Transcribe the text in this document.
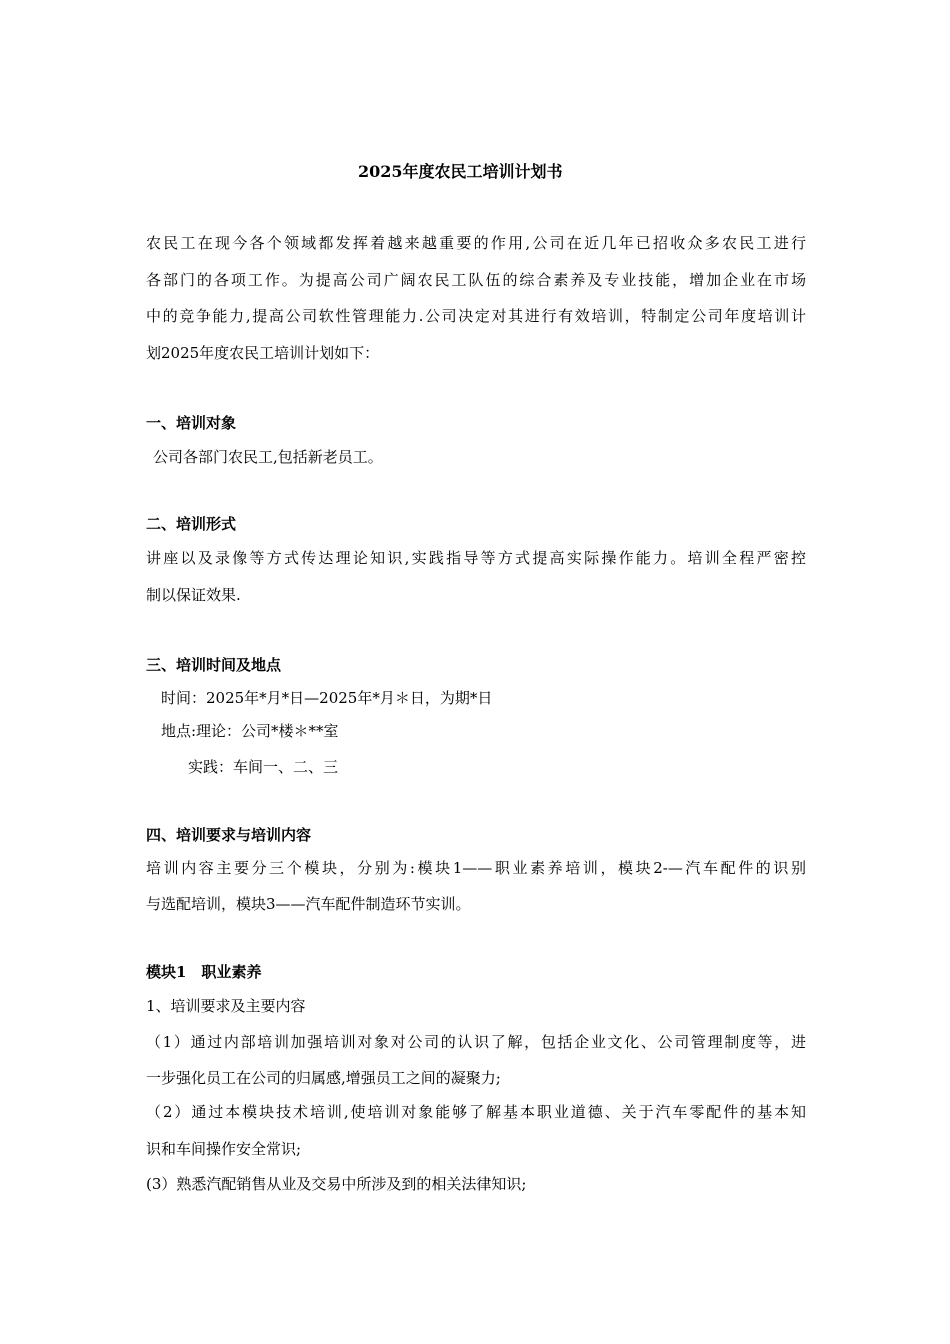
2025年度农民工培训计划书
农民工在现今各个领域都发挥着越来越重要的作用,公司在近几年已招收众多农民工进行
各部门的各项工作。为提高公司广阔农民工队伍的综合素养及专业技能，增加企业在市场
中的竞争能力,提高公司软性管理能力.公司决定对其进行有效培训，特制定公司年度培训计
划2025年度农民工培训计划如下：
一、培训对象
公司各部门农民工,包括新老员工。
二、培训形式
讲座以及录像等方式传达理论知识,实践指导等方式提高实际操作能力。培训全程严密控
制以保证效果.
三、培训时间及地点
时间：2025年*月*日—2025年*月＊日，为期*日
地点:理论：公司*楼＊**室
实践：车间一、二、三
四、培训要求与培训内容
培训内容主要分三个模块，分别为:模块1——职业素养培训，模块2-—汽车配件的识别
与选配培训，模块3——汽车配件制造环节实训。
模块1　职业素养
1、培训要求及主要内容
（1）通过内部培训加强培训对象对公司的认识了解，包括企业文化、公司管理制度等，进
一步强化员工在公司的归属感,增强员工之间的凝聚力;
（2）通过本模块技术培训,使培训对象能够了解基本职业道德、关于汽车零配件的基本知
识和车间操作安全常识;
(3）熟悉汽配销售从业及交易中所涉及到的相关法律知识;
